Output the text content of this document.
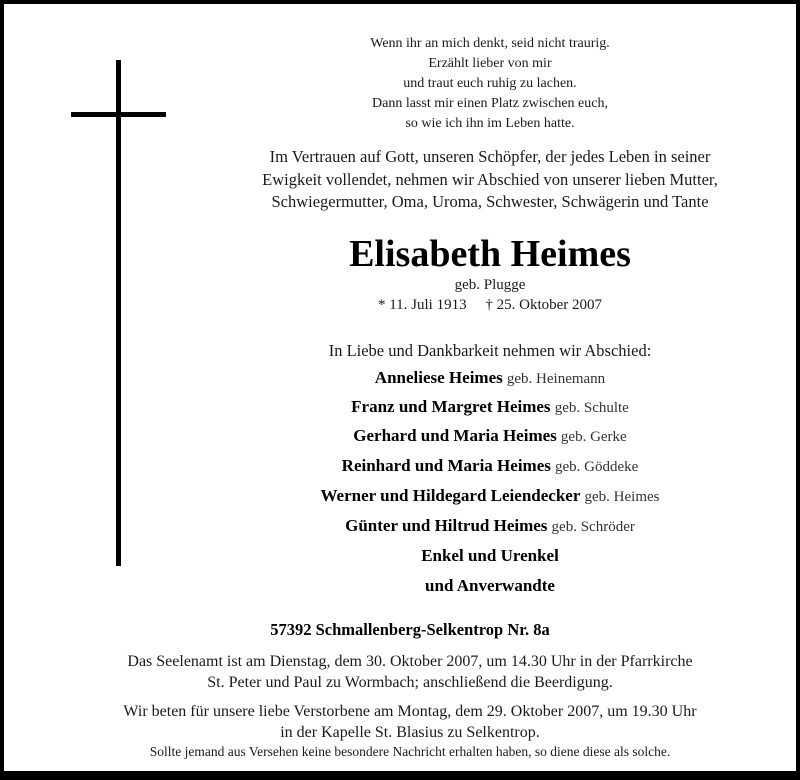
Wenn ihr an mich denkt, seid nicht traurig.
Erzählt lieber von mir
und traut euch ruhig zu lachen.
Dann lasst mir einen Platz zwischen euch,
so wie ich ihn im Leben hatte.
Im Vertrauen auf Gott, unseren Schöpfer, der jedes Leben in seiner
Ewigkeit vollendet, nehmen wir Abschied von unserer lieben Mutter,
Schwiegermutter, Oma, Uroma, Schwester, Schwägerin und Tante
Elisabeth Heimes
geb. Plugge
* 11. Juli 1913 † 25. Oktober 2007
In Liebe und Dankbarkeit nehmen wir Abschied:
Anneliese Heimes geb. Heinemann
Franz und Margret Heimes geb. Schulte
Gerhard und Maria Heimes geb. Gerke
Reinhard und Maria Heimes geb. Göddeke
Werner und Hildegard Leiendecker geb. Heimes
Günter und Hiltrud Heimes geb. Schröder
Enkel und Urenkel
und Anverwandte
57392 Schmallenberg-Selkentrop Nr. 8a
Das Seelenamt ist am Dienstag, dem 30. Oktober 2007, um 14.30 Uhr in der Pfarrkirche
St. Peter und Paul zu Wormbach; anschließend die Beerdigung.
Wir beten für unsere liebe Verstorbene am Montag, dem 29. Oktober 2007, um 19.30 Uhr
in der Kapelle St. Blasius zu Selkentrop.
Sollte jemand aus Versehen keine besondere Nachricht erhalten haben, so diene diese als solche.
